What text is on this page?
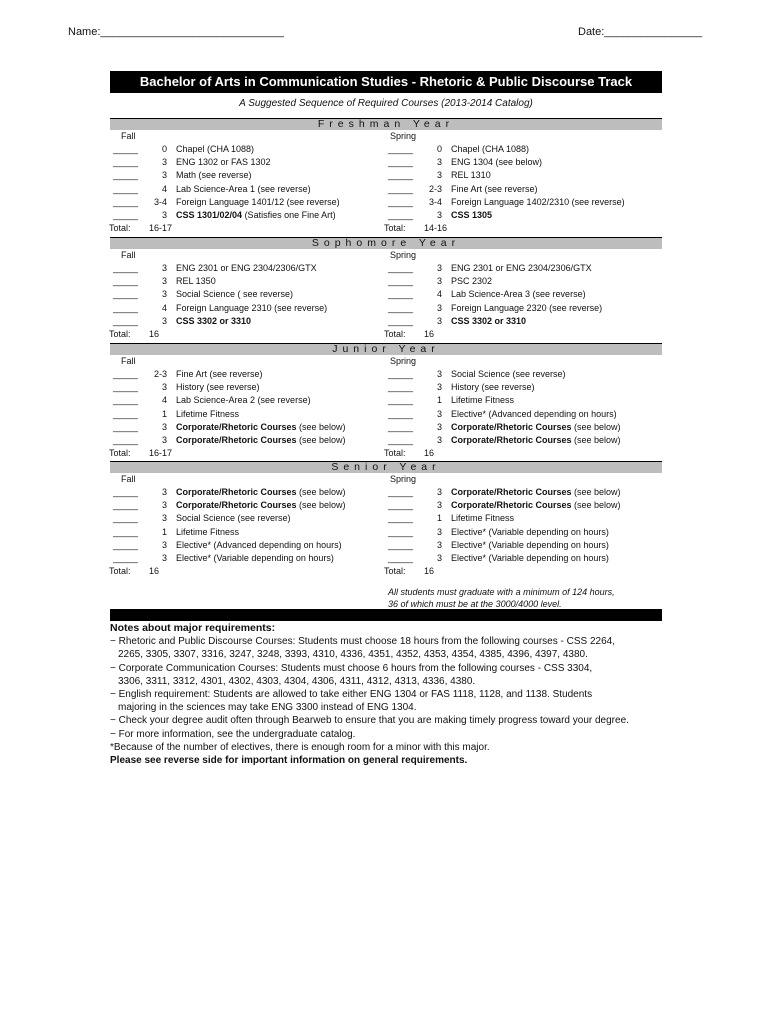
Name:______________________________	Date:________________
Bachelor of Arts in Communication Studies - Rhetoric & Public Discourse Track
A Suggested Sequence of Required Courses (2013-2014 Catalog)
Freshman Year
Fall
_____	0 Chapel (CHA 1088)
_____	3 ENG 1302 or FAS 1302
_____	3 Math (see reverse)
_____	4 Lab Science-Area 1 (see reverse)
_____	3-4 Foreign Language 1401/12 (see reverse)
_____	3 CSS 1301/02/04 (Satisfies one Fine Art)
Total: 16-17
Spring
_____	0 Chapel (CHA 1088)
_____	3 ENG 1304 (see below)
_____	3 REL 1310
_____	2-3 Fine Art (see reverse)
_____	3-4 Foreign Language 1402/2310 (see reverse)
_____	3 CSS 1305
Total: 14-16
Sophomore Year
Fall
_____	3 ENG 2301 or ENG 2304/2306/GTX
_____	3 REL 1350
_____	3 Social Science ( see reverse)
_____	4 Foreign Language 2310 (see reverse)
_____	3 CSS 3302 or 3310
Total: 16
Spring
_____	3 ENG 2301 or ENG 2304/2306/GTX
_____	3 PSC 2302
_____	4 Lab Science-Area 3 (see reverse)
_____	3 Foreign Language 2320 (see reverse)
_____	3 CSS 3302 or 3310
Total: 16
Junior Year
Fall
_____	2-3 Fine Art (see reverse)
_____	3 History (see reverse)
_____	4 Lab Science-Area 2 (see reverse)
_____	1 Lifetime Fitness
_____	3 Corporate/Rhetoric Courses (see below)
_____	3 Corporate/Rhetoric Courses (see below)
Total: 16-17
Spring
_____	3 Social Science (see reverse)
_____	3 History (see reverse)
_____	1 Lifetime Fitness
_____	3 Elective* (Advanced depending on hours)
_____	3 Corporate/Rhetoric Courses (see below)
_____	3 Corporate/Rhetoric Courses (see below)
Total: 16
Senior Year
Fall
_____	3 Corporate/Rhetoric Courses (see below)
_____	3 Corporate/Rhetoric Courses (see below)
_____	3 Social Science (see reverse)
_____	1 Lifetime Fitness
_____	3 Elective* (Advanced depending on hours)
_____	3 Elective* (Variable depending on hours)
Total: 16
Spring
_____	3 Corporate/Rhetoric Courses (see below)
_____	3 Corporate/Rhetoric Courses (see below)
_____	1 Lifetime Fitness
_____	3 Elective* (Variable depending on hours)
_____	3 Elective* (Variable depending on hours)
_____	3 Elective* (Variable depending on hours)
Total: 16
All students must graduate with a minimum of 124 hours,
36 of which must be at the 3000/4000 level.

Notes about major requirements:

− Rhetoric and Public Discourse Courses: Students must choose 18 hours from the following courses - CSS 2264,

2265, 3305, 3307, 3316, 3247, 3248, 3393, 4310, 4336, 4351, 4352, 4353, 4354, 4385, 4396, 4397, 4380.

− Corporate Communication Courses: Students must choose 6 hours from the following courses - CSS 3304,

3306, 3311, 3312, 4301, 4302, 4303, 4304, 4306, 4311, 4312, 4313, 4336, 4380.

− English requirement: Students are allowed to take either ENG 1304 or FAS 1118, 1128, and 1138. Students

majoring in the sciences may take ENG 3300 instead of ENG 1304.

− Check your degree audit often through Bearweb to ensure that you are making timely progress toward your degree.

− For more information, see the undergraduate catalog.

*Because of the number of electives, there is enough room for a minor with this major.

Please see reverse side for important information on general requirements.
